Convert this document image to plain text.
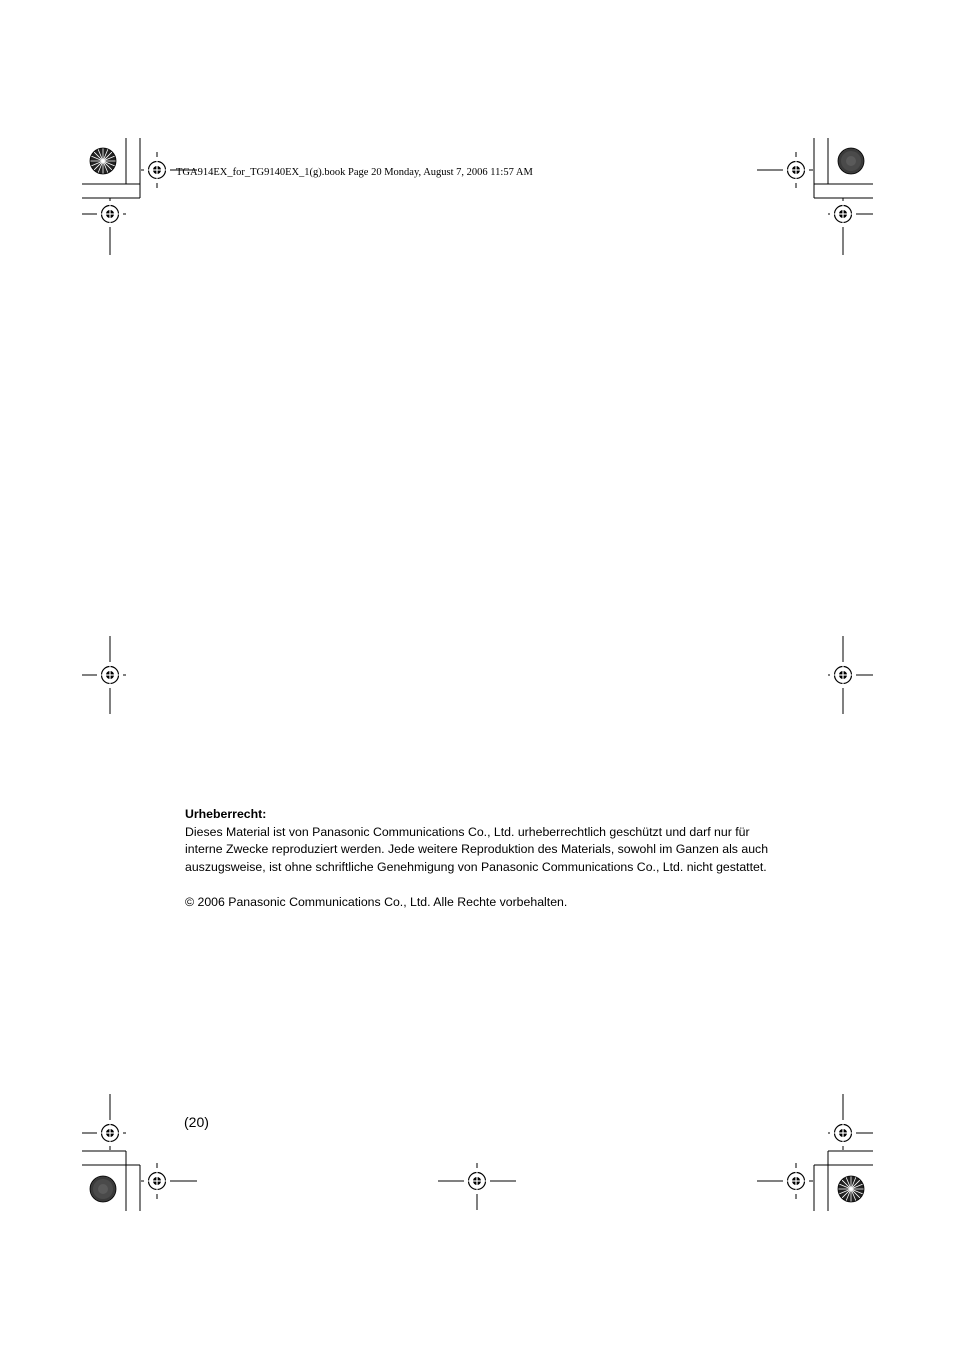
TGA914EX_for_TG9140EX_1(g).book Page 20 Monday, August 7, 2006 11:57 AM

Urheberrecht:

Dieses Material ist von Panasonic Communications Co., Ltd. urheberrechtlich geschützt und darf nur für interne Zwecke reproduziert werden. Jede weitere Reproduktion des Materials, sowohl im Ganzen als auch auszugsweise, ist ohne schriftliche Genehmigung von Panasonic Communications Co., Ltd. nicht gestattet.

© 2006 Panasonic Communications Co., Ltd. Alle Rechte vorbehalten.

(20)
